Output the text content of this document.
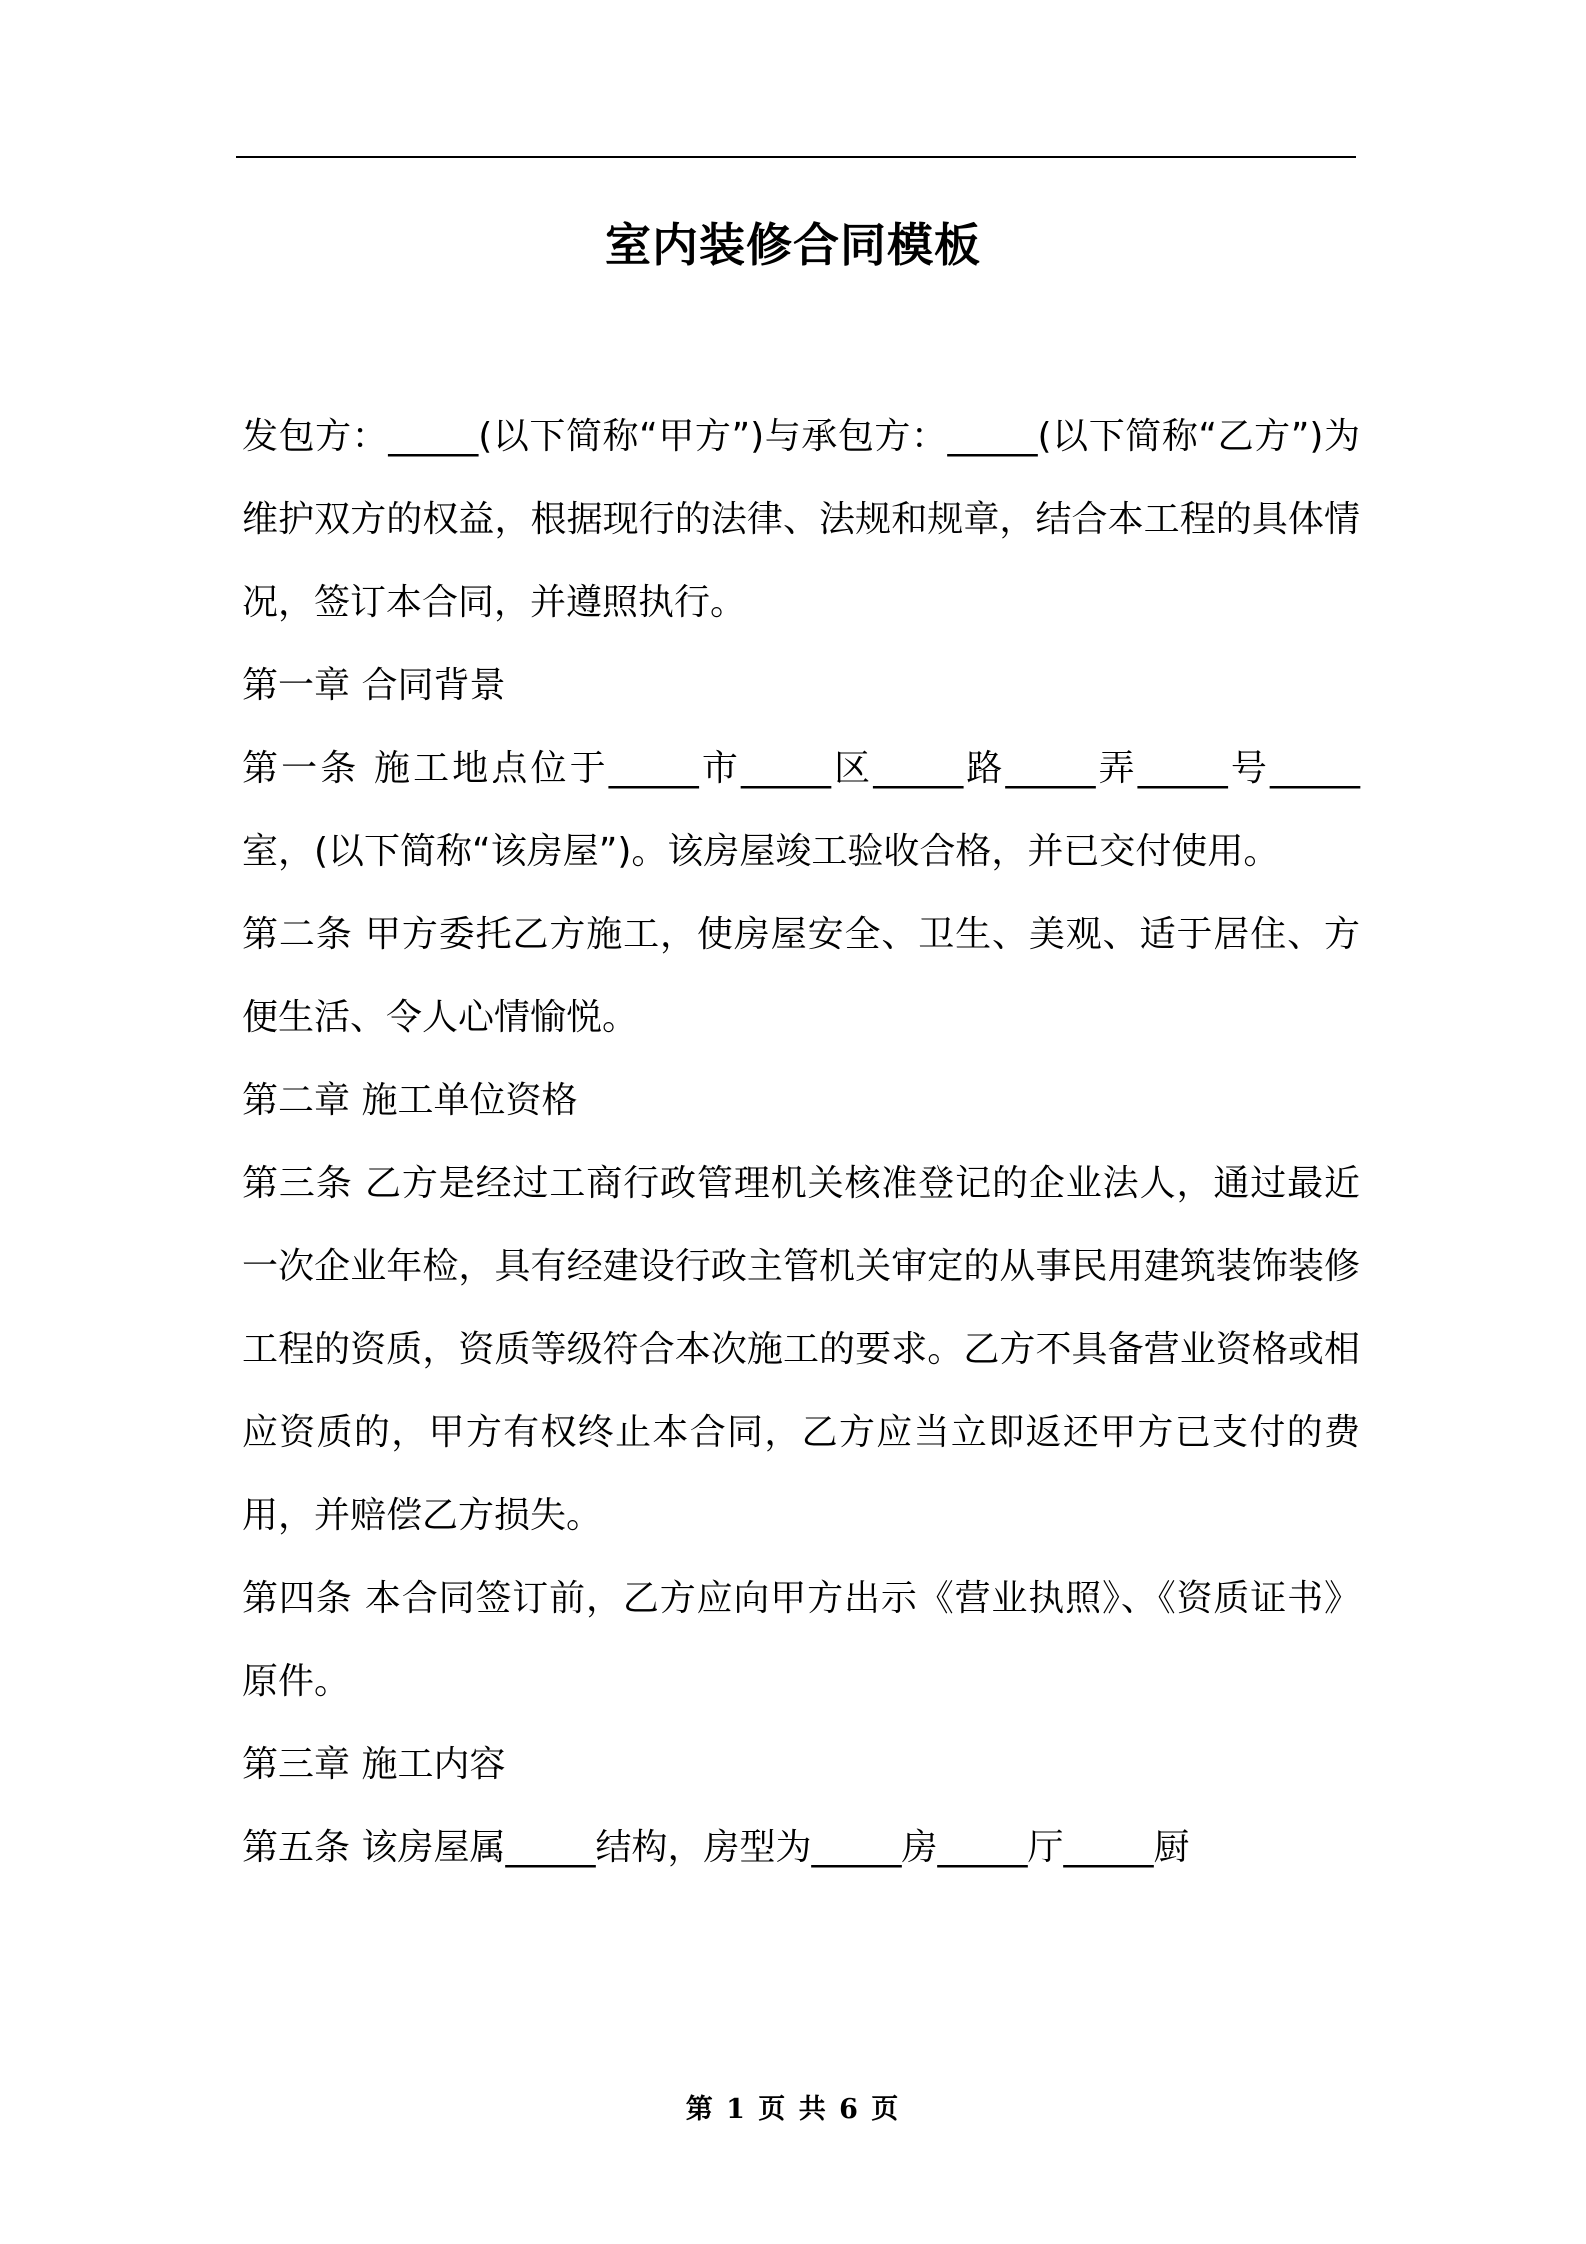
室内装修合同模板

发包方：_____(以下简称“甲方”)与承包方：_____(以下简称“乙方”)为维护双方的权益，根据现行的法律、法规和规章，结合本工程的具体情况，签订本合同，并遵照执行。

第一章 合同背景

第一条 施工地点位于_____市_____区_____路_____弄_____号_____室，(以下简称“该房屋”)。该房屋竣工验收合格，并已交付使用。

第二条 甲方委托乙方施工，使房屋安全、卫生、美观、适于居住、方便生活、令人心情愉悦。

第二章 施工单位资格

第三条 乙方是经过工商行政管理机关核准登记的企业法人，通过最近一次企业年检，具有经建设行政主管机关审定的从事民用建筑装饰装修工程的资质，资质等级符合本次施工的要求。乙方不具备营业资格或相应资质的，甲方有权终止本合同，乙方应当立即返还甲方已支付的费用，并赔偿乙方损失。

第四条 本合同签订前，乙方应向甲方出示《营业执照》、《资质证书》原件。

第三章 施工内容

第五条 该房屋属_____结构，房型为_____房_____厅_____厨

第 1 页 共 6 页
